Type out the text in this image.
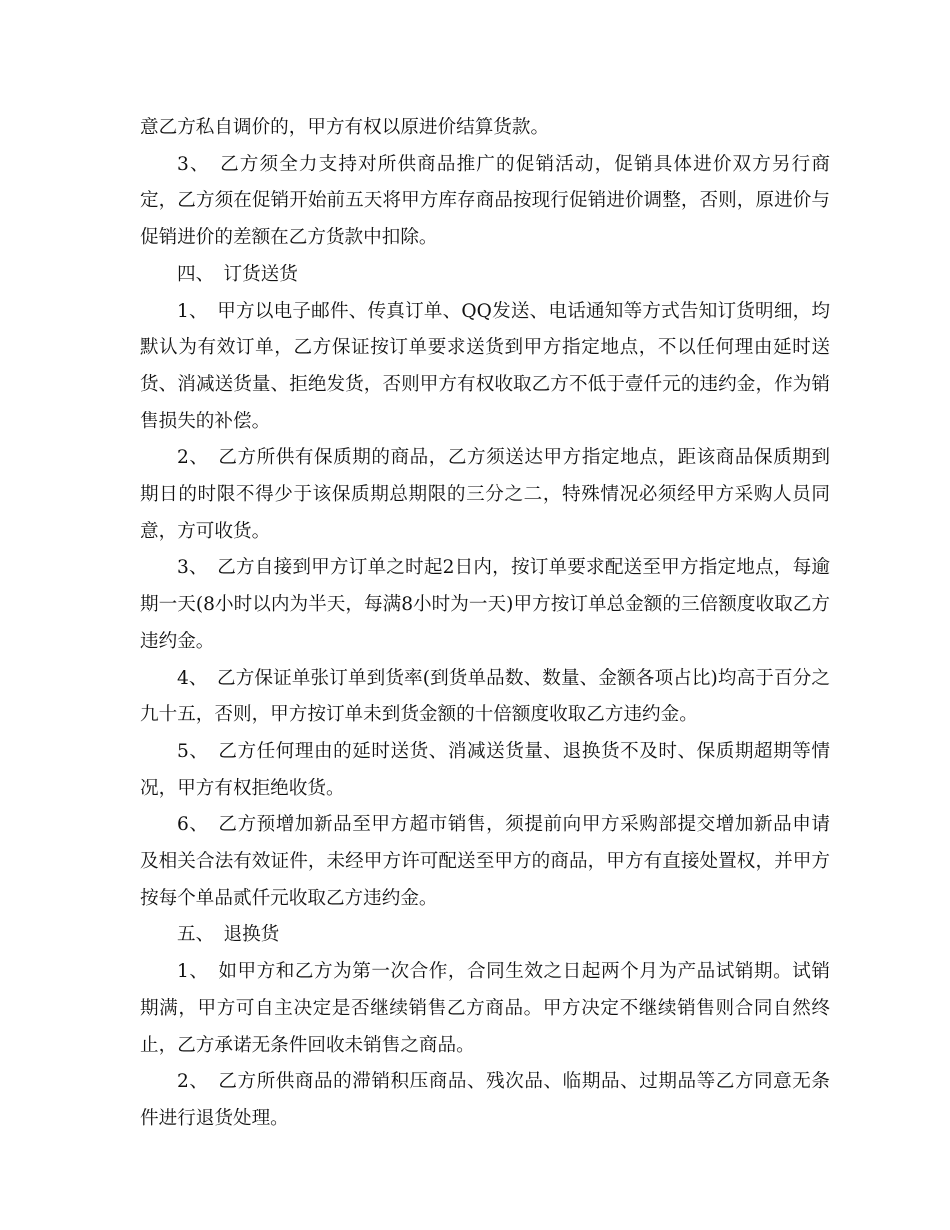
意乙方私自调价的，甲方有权以原进价结算货款。

3、　乙方须全力支持对所供商品推广的促销活动，促销具体进价双方另行商定，乙方须在促销开始前五天将甲方库存商品按现行促销进价调整，否则，原进价与促销进价的差额在乙方货款中扣除。

四、　订货送货

1、　甲方以电子邮件、传真订单、QQ发送、电话通知等方式告知订货明细，均默认为有效订单，乙方保证按订单要求送货到甲方指定地点，不以任何理由延时送货、消减送货量、拒绝发货，否则甲方有权收取乙方不低于壹仟元的违约金，作为销售损失的补偿。

2、　乙方所供有保质期的商品，乙方须送达甲方指定地点，距该商品保质期到期日的时限不得少于该保质期总期限的三分之二，特殊情况必须经甲方采购人员同意，方可收货。

3、　乙方自接到甲方订单之时起2日内，按订单要求配送至甲方指定地点，每逾期一天(8小时以内为半天，每满8小时为一天)甲方按订单总金额的三倍额度收取乙方违约金。

4、　乙方保证单张订单到货率(到货单品数、数量、金额各项占比)均高于百分之九十五，否则，甲方按订单未到货金额的十倍额度收取乙方违约金。

5、　乙方任何理由的延时送货、消减送货量、退换货不及时、保质期超期等情况，甲方有权拒绝收货。

6、　乙方预增加新品至甲方超市销售，须提前向甲方采购部提交增加新品申请及相关合法有效证件，未经甲方许可配送至甲方的商品，甲方有直接处置权，并甲方按每个单品贰仟元收取乙方违约金。

五、　退换货

1、　如甲方和乙方为第一次合作，合同生效之日起两个月为产品试销期。试销期满，甲方可自主决定是否继续销售乙方商品。甲方决定不继续销售则合同自然终止，乙方承诺无条件回收未销售之商品。

2、　乙方所供商品的滞销积压商品、残次品、临期品、过期品等乙方同意无条件进行退货处理。
